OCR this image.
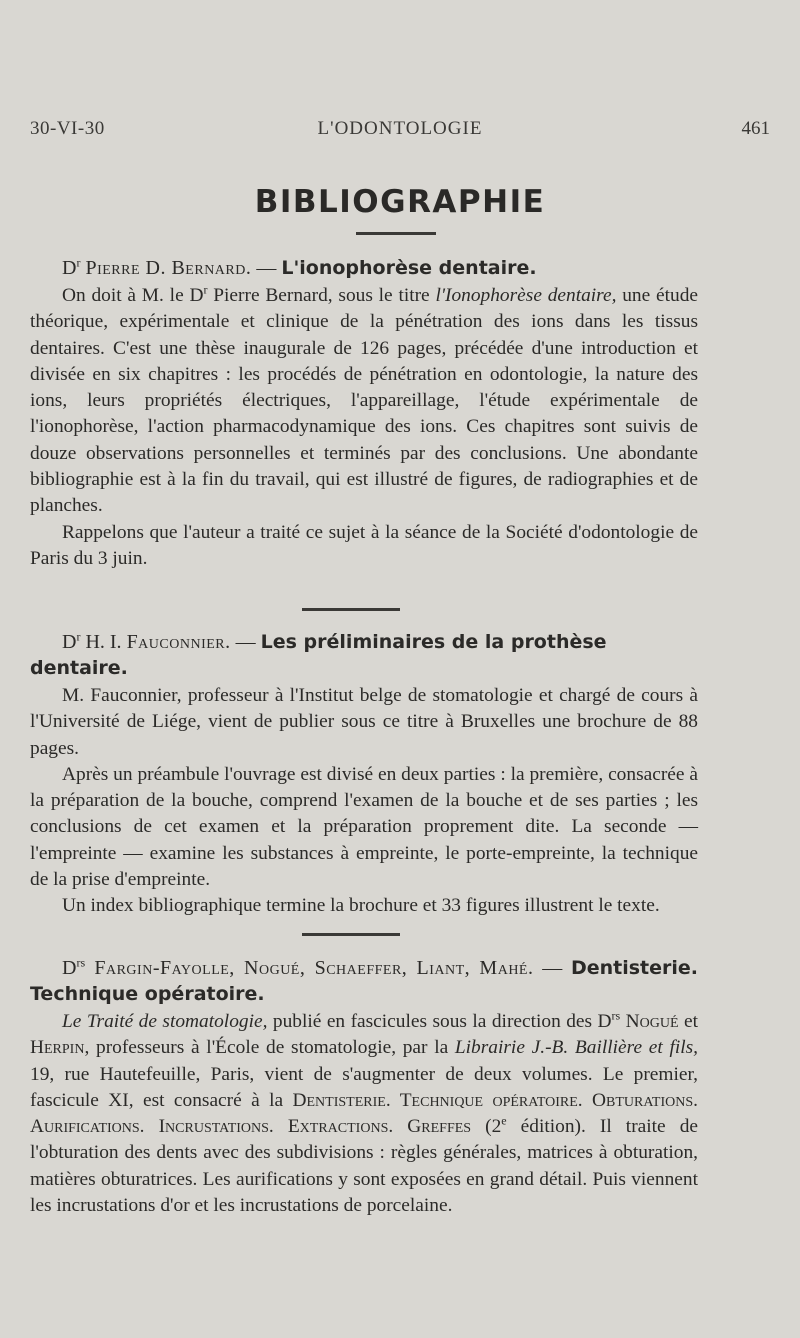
30-VI-30	L'ODONTOLOGIE	461
BIBLIOGRAPHIE

$D^r$ Pierre D. Bernard. — L'ionophorèse dentaire.

On doit à M. le $D^r$ Pierre Bernard, sous le titre l'Ionophorèse dentaire, une étude théorique, expérimentale et clinique de la pénétration des ions dans les tissus dentaires. C'est une thèse inaugurale de 126 pages, précédée d'une introduction et divisée en six chapitres : les procédés de pénétration en odontologie, la nature des ions, leurs propriétés électriques, l'appareillage, l'étude expérimentale de l'ionophorèse, l'action pharmacodynamique des ions. Ces chapitres sont suivis de douze observations personnelles et terminés par des conclusions. Une abondante bibliographie est à la fin du travail, qui est illustré de figures, de radiographies et de planches.

Rappelons que l'auteur a traité ce sujet à la séance de la Société d'odontologie de Paris du 3 juin.

$D^r$ H. I. Fauconnier. — Les préliminaires de la prothèse dentaire.

M. Fauconnier, professeur à l'Institut belge de stomatologie et chargé de cours à l'Université de Liége, vient de publier sous ce titre à Bruxelles une brochure de 88 pages.

Après un préambule l'ouvrage est divisé en deux parties : la première, consacrée à la préparation de la bouche, comprend l'examen de la bouche et de ses parties ; les conclusions de cet examen et la préparation proprement dite. La seconde — l'empreinte — examine les substances à empreinte, le porte-empreinte, la technique de la prise d'empreinte.

Un index bibliographique termine la brochure et 33 figures illustrent le texte.

$D^{rs}$ Fargin-Fayolle, Nogué, Schaeffer, Liant, Mahé. — Dentisterie. Technique opératoire.

Le Traité de stomatologie, publié en fascicules sous la direction des $D^{rs}$ Nogué et Herpin, professeurs à l'École de stomatologie, par la Librairie J.-B. Baillière et fils, 19, rue Hautefeuille, Paris, vient de s'augmenter de deux volumes. Le premier, fascicule XI, est consacré à la Dentisterie. Technique opératoire. Obturations. Aurifications. Incrustations. Extractions. Greffes (2e édition). Il traite de l'obturation des dents avec des subdivisions : règles générales, matrices à obturation, matières obturatrices. Les aurifications y sont exposées en grand détail. Puis viennent les incrustations d'or et les incrustations de porcelaine.
